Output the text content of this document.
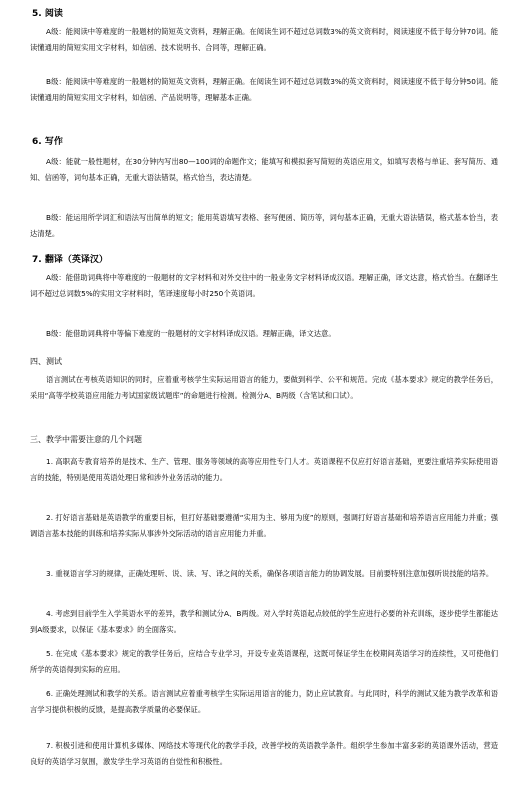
5. 阅读
A级：能阅读中等难度的一般题材的简短英文资料，理解正确。在阅读生词不超过总词数3%的英文资料时，阅读速度不低于每分钟70词。能读懂通用的简短实用文字材料，如信函、技术说明书、合同等，理解正确。
B级：能阅读中等难度的一般题材的简短英文资料，理解正确。在阅读生词不超过总词数3%的英文资料时，阅读速度不低于每分钟50词。能读懂通用的简短实用文字材料，如信函、产品说明等，理解基本正确。
6. 写作
A级：能就一般性题材，在30分钟内写出80—100词的命题作文；能填写和模拟套写简短的英语应用文，如填写表格与单证、套写简历、通知、信函等，词句基本正确，无重大语法错误，格式恰当，表达清楚。
B级：能运用所学词汇和语法写出简单的短文；能用英语填写表格、套写便函、简历等，词句基本正确，无重大语法错误，格式基本恰当，表达清楚。
7. 翻译（英译汉）
A级：能借助词典将中等难度的一般题材的文字材料和对外交往中的一般业务文字材料译成汉语。理解正确，译文达意，格式恰当。在翻译生词不超过总词数5%的实用文字材料时，笔译速度每小时250个英语词。
B级：能借助词典将中等偏下难度的一般题材的文字材料译成汉语。理解正确，译文达意。
四、测试
语言测试在考核英语知识的同时，应着重考核学生实际运用语言的能力，要做到科学、公平和规范。完成《基本要求》规定的教学任务后，采用“高等学校英语应用能力考试国家级试题库”的命题进行检测。检测分A、B两级（含笔试和口试）。
三、教学中需要注意的几个问题
1. 高职高专教育培养的是技术、生产、管理、服务等领域的高等应用性专门人才。英语课程不仅应打好语言基础，更要注重培养实际使用语言的技能，特别是使用英语处理日常和涉外业务活动的能力。
2. 打好语言基础是英语教学的重要目标，但打好基础要遵循“实用为主、够用为度”的原则，强调打好语言基础和培养语言应用能力并重；强调语言基本技能的训练和培养实际从事涉外交际活动的语言应用能力并重。
3. 重视语言学习的规律，正确处理听、说、读、写、译之间的关系，确保各项语言能力的协调发展。目前要特别注意加强听说技能的培养。
4. 考虑到目前学生入学英语水平的差异，教学和测试分A、B两级。对入学时英语起点较低的学生应进行必要的补充训练，逐步使学生都能达到A级要求，以保证《基本要求》的全面落实。
5. 在完成《基本要求》规定的教学任务后，应结合专业学习，开设专业英语课程，这既可保证学生在校期间英语学习的连续性，又可使他们所学的英语得到实际的应用。
6. 正确处理测试和教学的关系。语言测试应着重考核学生实际运用语言的能力，防止应试教育。与此同时，科学的测试又能为教学改革和语言学习提供积极的反馈，是提高教学质量的必要保证。
7. 积极引进和使用计算机多媒体、网络技术等现代化的教学手段，改善学校的英语教学条件。组织学生参加丰富多彩的英语课外活动，营造良好的英语学习氛围，激发学生学习英语的自觉性和积极性。
